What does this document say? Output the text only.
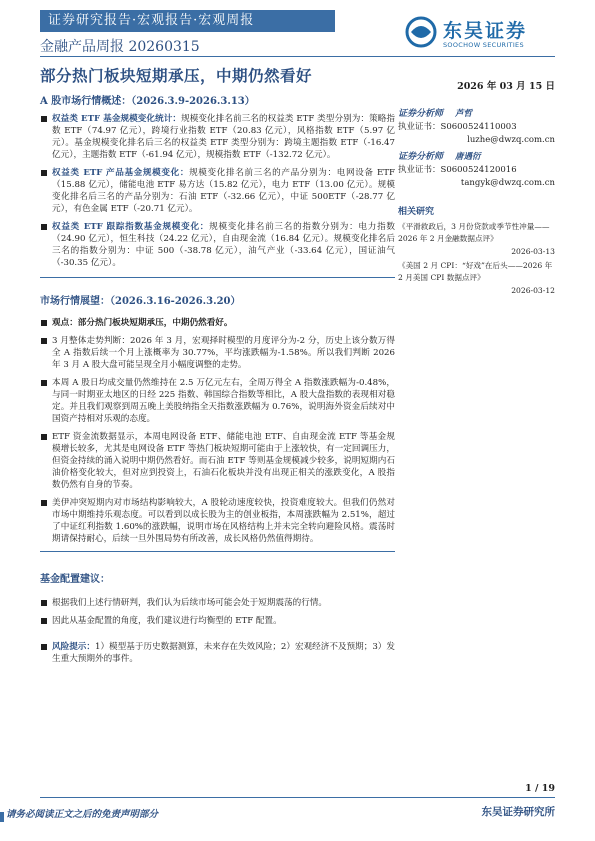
证券研究报告·宏观报告·宏观周报
金融产品周报 20260315
东吴证券
SOOCHOW SECURITIES
部分热门板块短期承压，中期仍然看好
A 股市场行情概述：（2026.3.9-2026.3.13）
权益类 ETF 基金规模变化统计：规模变化排名前三名的权益类 ETF 类型分别为：策略指数 ETF（74.97 亿元），跨境行业指数 ETF（20.83 亿元），风格指数 ETF（5.97 亿元）。基金规模变化排名后三名的权益类 ETF 类型分别为：跨境主题指数 ETF（-16.47 亿元），主题指数 ETF（-61.94 亿元），规模指数 ETF（-132.72 亿元）。
权益类 ETF 产品基金规模变化：规模变化排名前三名的产品分别为：电网设备 ETF（15.88 亿元），储能电池 ETF 易方达（15.82 亿元），电力 ETF（13.00 亿元）。规模变化排名后三名的产品分别为：石油 ETF（-32.66 亿元），中证 500ETF（-28.77 亿元），有色金属 ETF（-20.71 亿元）。
权益类 ETF 跟踪指数基金规模变化：规模变化排名前三名的指数分别为：电力指数（24.90 亿元），恒生科技（24.22 亿元），自由现金流（16.84 亿元）。规模变化排名后三名的指数分别为：中证 500（-38.78 亿元），油气产业（-33.64 亿元），国证油气（-30.35 亿元）。
市场行情展望：（2026.3.16-2026.3.20）
观点：部分热门板块短期承压，中期仍然看好。
3 月整体走势判断：2026 年 3 月，宏观择时模型的月度评分为-2 分，历史上该分数万得全 A 指数后续一个月上涨概率为 30.77%，平均涨跌幅为-1.58%。所以我们判断 2026 年 3 月 A 股大盘可能呈现全月小幅度调整的走势。
本周 A 股日均成交量仍然维持在 2.5 万亿元左右，全周万得全 A 指数涨跌幅为-0.48%，与同一时期亚太地区的日经 225 指数、韩国综合指数等相比，A 股大盘指数的表现相对稳定。并且我们观察到周五晚上美股纳指全天指数涨跌幅为 0.76%，说明海外资金后续对中国资产持相对乐观的态度。
ETF 资金流数据显示，本周电网设备 ETF、储能电池 ETF、自由现金流 ETF 等基金规模增长较多，尤其是电网设备 ETF 等热门板块短期可能由于上涨较快，有一定回调压力，但资金持续的涌入说明中期仍然看好。而石油 ETF 等则基金规模减少较多，说明短期内石油价格变化较大，但对应到投资上，石油石化板块并没有出现正相关的涨跌变化，A 股指数仍然有自身的节奏。
美伊冲突短期内对市场结构影响较大，A 股轮动速度较快，投资难度较大。但我们仍然对市场中期维持乐观态度。可以看到以成长股为主的创业板指，本周涨跌幅为 2.51%，超过了中证红利指数 1.60%的涨跌幅，说明市场在风格结构上并未完全转向避险风格。震荡时期请保持耐心，后续一旦外围局势有所改善，成长风格仍然值得期待。
基金配置建议：
根据我们上述行情研判，我们认为后续市场可能会处于短期震荡的行情。
因此从基金配置的角度，我们建议进行均衡型的 ETF 配置。
风险提示：1）模型基于历史数据测算，未来存在失效风险；2）宏观经济不及预期；3）发生重大预期外的事件。
2026 年 03 月 15 日
证券分析师 芦哲
执业证书：S0600524110003
luzhe@dwzq.com.cn
证券分析师 唐遇衍
执业证书：S0600524120016
tangyk@dwzq.com.cn
相关研究
《平滑救政后，3 月份贷款或季节性冲量——2026 年 2 月金融数据点评》
2026-03-13
《美国 2 月 CPI：“好戏”在后头——2026 年 2 月美国 CPI 数据点评》
2026-03-12
1 / 19
请务必阅读正文之后的免责声明部分	东吴证券研究所
